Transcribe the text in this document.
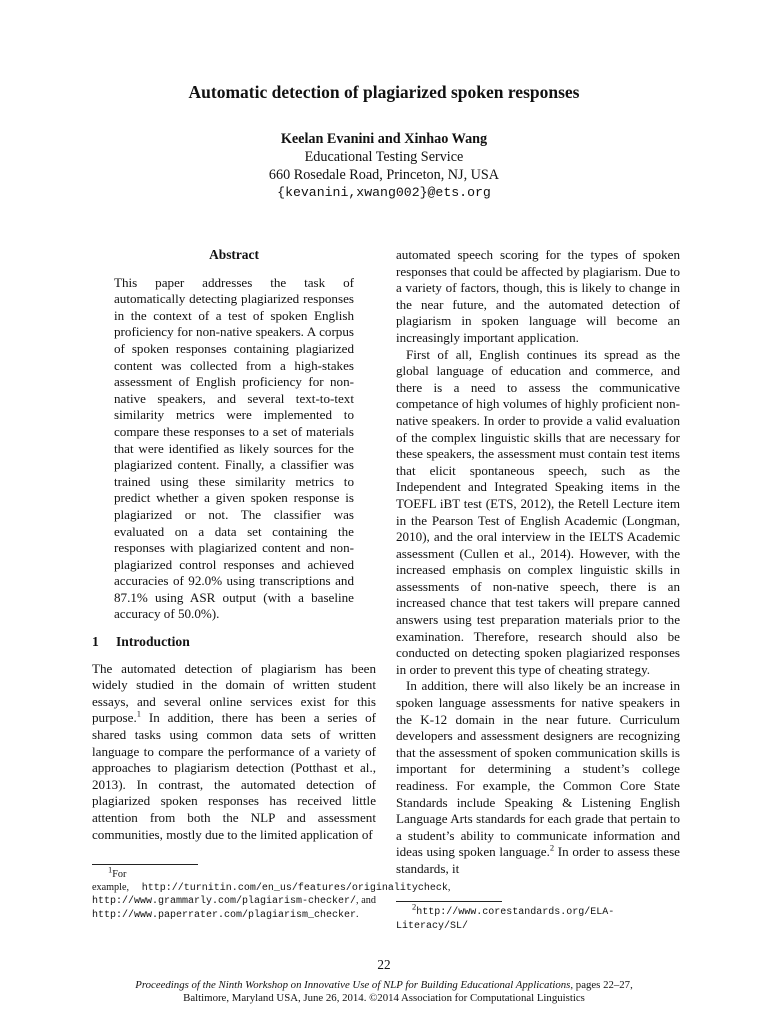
Automatic detection of plagiarized spoken responses
Keelan Evanini and Xinhao Wang
Educational Testing Service
660 Rosedale Road, Princeton, NJ, USA
{kevanini,xwang002}@ets.org
Abstract

This paper addresses the task of automatically detecting plagiarized responses in the context of a test of spoken English proficiency for non-native speakers. A corpus of spoken responses containing plagiarized content was collected from a high-stakes assessment of English proficiency for non-native speakers, and several text-to-text similarity metrics were implemented to compare these responses to a set of materials that were identified as likely sources for the plagiarized content. Finally, a classifier was trained using these similarity metrics to predict whether a given spoken response is plagiarized or not. The classifier was evaluated on a data set containing the responses with plagiarized content and non-plagiarized control responses and achieved accuracies of 92.0% using transcriptions and 87.1% using ASR output (with a baseline accuracy of 50.0%).

1 Introduction

The automated detection of plagiarism has been widely studied in the domain of written student essays, and several online services exist for this purpose.$^1$ In addition, there has been a series of shared tasks using common data sets of written language to compare the performance of a variety of approaches to plagiarism detection (Potthast et al., 2013). In contrast, the automated detection of plagiarized spoken responses has received little attention from both the NLP and assessment communities, mostly due to the limited application of

$^1$For example, http://turnitin.com/en_us/features/originalitycheck, http://www.grammarly.com/plagiarism-checker/, and http://www.paperrater.com/plagiarism_checker.

automated speech scoring for the types of spoken responses that could be affected by plagiarism. Due to a variety of factors, though, this is likely to change in the near future, and the automated detection of plagiarism in spoken language will become an increasingly important application.

First of all, English continues its spread as the global language of education and commerce, and there is a need to assess the communicative competance of high volumes of highly proficient non-native speakers. In order to provide a valid evaluation of the complex linguistic skills that are necessary for these speakers, the assessment must contain test items that elicit spontaneous speech, such as the Independent and Integrated Speaking items in the TOEFL iBT test (ETS, 2012), the Retell Lecture item in the Pearson Test of English Academic (Longman, 2010), and the oral interview in the IELTS Academic assessment (Cullen et al., 2014). However, with the increased emphasis on complex linguistic skills in assessments of non-native speech, there is an increased chance that test takers will prepare canned answers using test preparation materials prior to the examination. Therefore, research should also be conducted on detecting spoken plagiarized responses in order to prevent this type of cheating strategy.

In addition, there will also likely be an increase in spoken language assessments for native speakers in the K-12 domain in the near future. Curriculum developers and assessment designers are recognizing that the assessment of spoken communication skills is important for determining a student’s college readiness. For example, the Common Core State Standards include Speaking & Listening English Language Arts standards for each grade that pertain to a student’s ability to communicate information and ideas using spoken language.$^2$ In order to assess these standards, it

$^2$http://www.corestandards.org/ELA-Literacy/SL/
22
Proceedings of the Ninth Workshop on Innovative Use of NLP for Building Educational Applications, pages 22–27,
Baltimore, Maryland USA, June 26, 2014. ©2014 Association for Computational Linguistics
